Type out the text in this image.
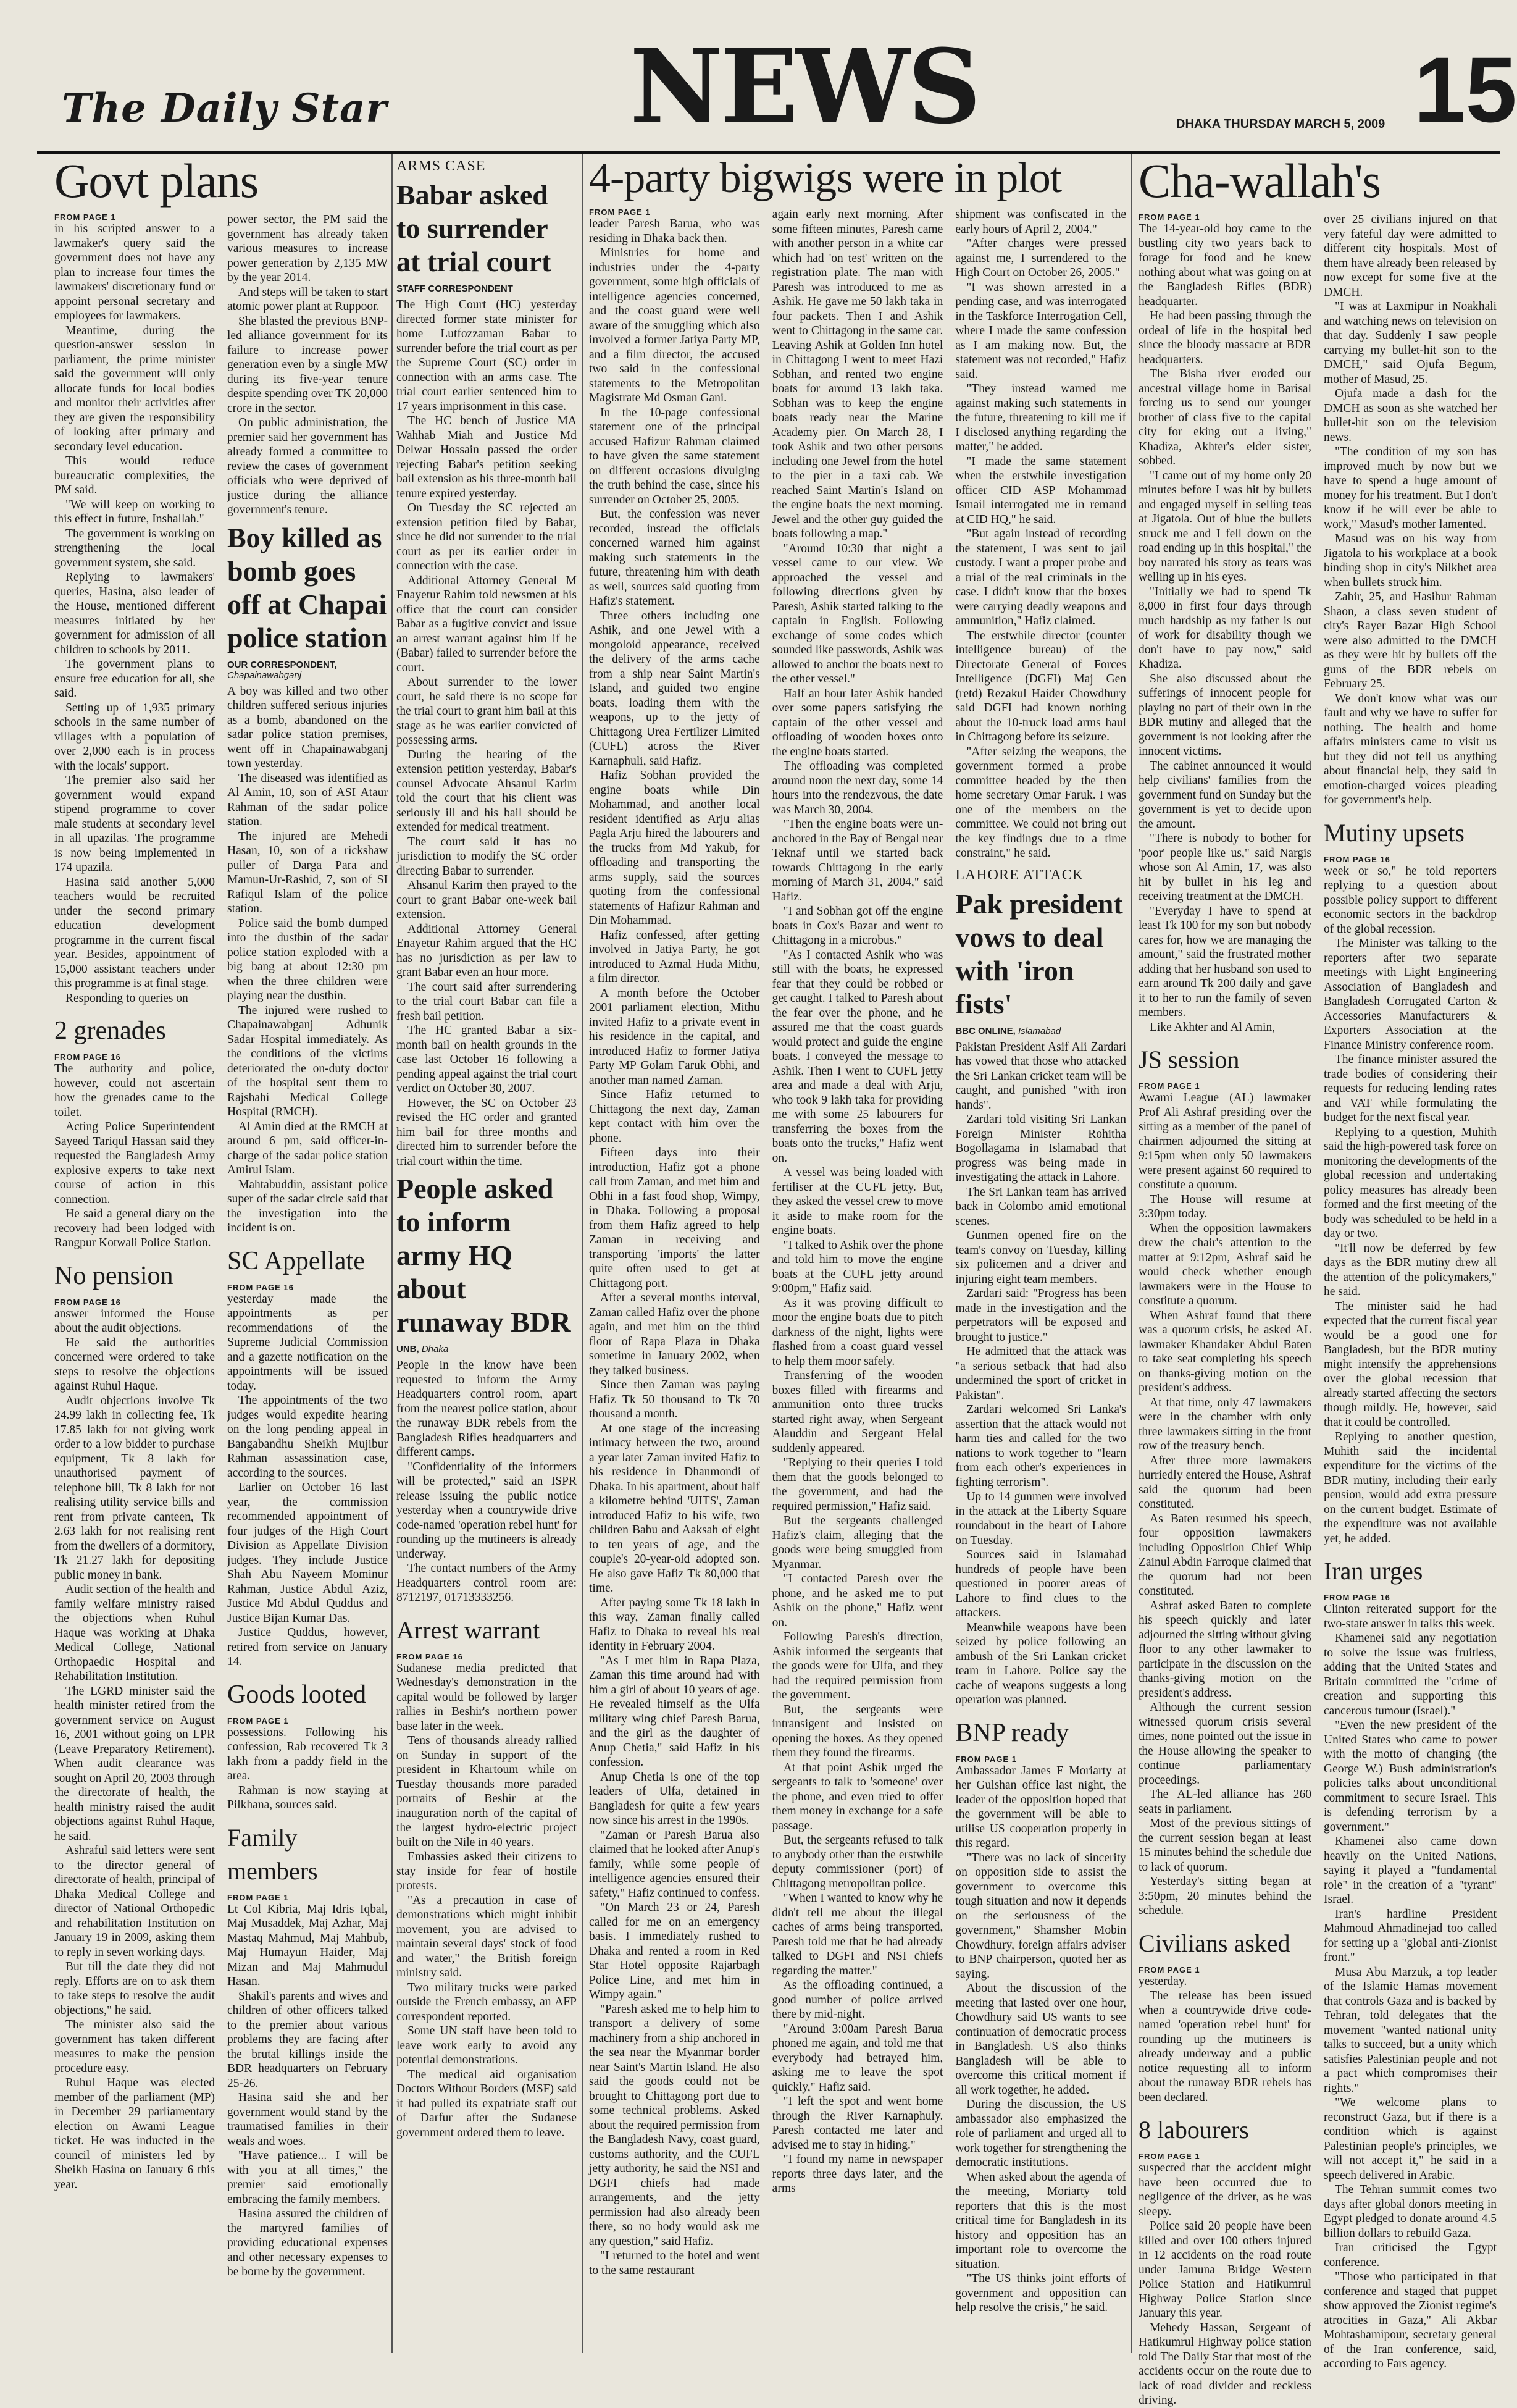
The Daily Star NEWS	DHAKA THURSDAY MARCH 5, 2009 15
Govt plans
FROM PAGE 1

in his scripted answer to a lawmaker's query said the government does not have any plan to increase four times the lawmakers' discretionary fund or appoint personal secretary and employees for lawmakers.

Meantime, during the question-answer session in parliament, the prime minister said the government will only allocate funds for local bodies and monitor their activities after they are given the responsibility of looking after primary and secondary level education.

This would reduce bureaucratic complexities, the PM said.

"We will keep on working to this effect in future, Inshallah."

The government is working on strengthening the local government system, she said.

Replying to lawmakers' queries, Hasina, also leader of the House, mentioned different measures initiated by her government for admission of all children to schools by 2011.

The government plans to ensure free education for all, she said.

Setting up of 1,935 primary schools in the same number of villages with a population of over 2,000 each is in process with the locals' support.

The premier also said her government would expand stipend programme to cover male students at secondary level in all upazilas. The programme is now being implemented in 174 upazila.

Hasina said another 5,000 teachers would be recruited under the second primary education development programme in the current fiscal year. Besides, appointment of 15,000 assistant teachers under this programme is at final stage.

Responding to queries on

2 grenades
FROM PAGE 16

The authority and police, however, could not ascertain how the grenades came to the toilet.

Acting Police Superintendent Sayeed Tariqul Hassan said they requested the Bangladesh Army explosive experts to take next course of action in this connection.

He said a general diary on the recovery had been lodged with Rangpur Kotwali Police Station.

No pension
FROM PAGE 16

answer informed the House about the audit objections.

He said the authorities concerned were ordered to take steps to resolve the objections against Ruhul Haque.

Audit objections involve Tk 24.99 lakh in collecting fee, Tk 17.85 lakh for not giving work order to a low bidder to purchase equipment, Tk 8 lakh for unauthorised payment of telephone bill, Tk 8 lakh for not realising utility service bills and rent from private canteen, Tk 2.63 lakh for not realising rent from the dwellers of a dormitory, Tk 21.27 lakh for depositing public money in bank.

Audit section of the health and family welfare ministry raised the objections when Ruhul Haque was working at Dhaka Medical College, National Orthopaedic Hospital and Rehabilitation Institution.

The LGRD minister said the health minister retired from the government service on August 16, 2001 without going on LPR (Leave Preparatory Retirement). When audit clearance was sought on April 20, 2003 through the directorate of health, the health ministry raised the audit objections against Ruhul Haque, he said.

Ashraful said letters were sent to the director general of directorate of health, principal of Dhaka Medical College and director of National Orthopedic and rehabilitation Institution on January 19 in 2009, asking them to reply in seven working days.

But till the date they did not reply. Efforts are on to ask them to take steps to resolve the audit objections," he said.

The minister also said the government has taken different measures to make the pension procedure easy.

Ruhul Haque was elected member of the parliament (MP) in December 29 parliamentary election on Awami League ticket. He was inducted in the council of ministers led by Sheikh Hasina on January 6 this year.

power sector, the PM said the government has already taken various measures to increase power generation by 2,135 MW by the year 2014.

And steps will be taken to start atomic power plant at Ruppoor.

She blasted the previous BNP-led alliance government for its failure to increase power generation even by a single MW during its five-year tenure despite spending over TK 20,000 crore in the sector.

On public administration, the premier said her government has already formed a committee to review the cases of government officials who were deprived of justice during the alliance government's tenure.

Boy killed as bomb goes off at Chapai police station
OUR CORRESPONDENT, Chapainawabganj

A boy was killed and two other children suffered serious injuries as a bomb, abandoned on the sadar police station premises, went off in Chapainawabganj town yesterday.

The diseased was identified as Al Amin, 10, son of ASI Ataur Rahman of the sadar police station.

The injured are Mehedi Hasan, 10, son of a rickshaw puller of Darga Para and Mamun-Ur-Rashid, 7, son of SI Rafiqul Islam of the police station.

Police said the bomb dumped into the dustbin of the sadar police station exploded with a big bang at about 12:30 pm when the three children were playing near the dustbin.

The injured were rushed to Chapainawabganj Adhunik Sadar Hospital immediately. As the conditions of the victims deteriorated the on-duty doctor of the hospital sent them to Rajshahi Medical College Hospital (RMCH).

Al Amin died at the RMCH at around 6 pm, said officer-in-charge of the sadar police station Amirul Islam.

Mahtabuddin, assistant police super of the sadar circle said that the investigation into the incident is on.

SC Appellate
FROM PAGE 16

yesterday made the appointments as per recommendations of the Supreme Judicial Commission and a gazette notification on the appointments will be issued today.

The appointments of the two judges would expedite hearing on the long pending appeal in Bangabandhu Sheikh Mujibur Rahman assassination case, according to the sources.

Earlier on October 16 last year, the commission recommended appointment of four judges of the High Court Division as Appellate Division judges. They include Justice Shah Abu Nayeem Mominur Rahman, Justice Abdul Aziz, Justice Md Abdul Quddus and Justice Bijan Kumar Das.

Justice Quddus, however, retired from service on January 14.

Goods looted
FROM PAGE 1

possessions. Following his confession, Rab recovered Tk 3 lakh from a paddy field in the area.

Rahman is now staying at Pilkhana, sources said.

Family members
FROM PAGE 1

Lt Col Kibria, Maj Idris Iqbal, Maj Musaddek, Maj Azhar, Maj Mastaq Mahmud, Maj Mahbub, Maj Humayun Haider, Maj Mizan and Maj Mahmudul Hasan.

Shakil's parents and wives and children of other officers talked to the premier about various problems they are facing after the brutal killings inside the BDR headquarters on February 25-26.

Hasina said she and her government would stand by the traumatised families in their weals and woes.

"Have patience... I will be with you at all times," the premier said emotionally embracing the family members.

Hasina assured the children of the martyred families of providing educational expenses and other necessary expenses to be borne by the government.

ARMS CASE
Babar asked to surrender at trial court
STAFF CORRESPONDENT

The High Court (HC) yesterday directed former state minister for home Lutfozzaman Babar to surrender before the trial court as per the Supreme Court (SC) order in connection with an arms case. The trial court earlier sentenced him to 17 years imprisonment in this case.

The HC bench of Justice MA Wahhab Miah and Justice Md Delwar Hossain passed the order rejecting Babar's petition seeking bail extension as his three-month bail tenure expired yesterday.

On Tuesday the SC rejected an extension petition filed by Babar, since he did not surrender to the trial court as per its earlier order in connection with the case.

Additional Attorney General M Enayetur Rahim told newsmen at his office that the court can consider Babar as a fugitive convict and issue an arrest warrant against him if he (Babar) failed to surrender before the court.

About surrender to the lower court, he said there is no scope for the trial court to grant him bail at this stage as he was earlier convicted of possessing arms.

During the hearing of the extension petition yesterday, Babar's counsel Advocate Ahsanul Karim told the court that his client was seriously ill and his bail should be extended for medical treatment.

The court said it has no jurisdiction to modify the SC order directing Babar to surrender.

Ahsanul Karim then prayed to the court to grant Babar one-week bail extension.

Additional Attorney General Enayetur Rahim argued that the HC has no jurisdiction as per law to grant Babar even an hour more.

The court said after surrendering to the trial court Babar can file a fresh bail petition.

The HC granted Babar a six-month bail on health grounds in the case last October 16 following a pending appeal against the trial court verdict on October 30, 2007.

However, the SC on October 23 revised the HC order and granted him bail for three months and directed him to surrender before the trial court within the time.

People asked to inform army HQ about runaway BDR
UNB, Dhaka

People in the know have been requested to inform the Army Headquarters control room, apart from the nearest police station, about the runaway BDR rebels from the Bangladesh Rifles headquarters and different camps.

"Confidentiality of the informers will be protected," said an ISPR release issuing the public notice yesterday when a countrywide drive code-named 'operation rebel hunt' for rounding up the mutineers is already underway.

The contact numbers of the Army Headquarters control room are: 8712197, 01713333256.

Arrest warrant
FROM PAGE 16

Sudanese media predicted that Wednesday's demonstration in the capital would be followed by larger rallies in Beshir's northern power base later in the week.

Tens of thousands already rallied on Sunday in support of the president in Khartoum while on Tuesday thousands more paraded portraits of Beshir at the inauguration north of the capital of the largest hydro-electric project built on the Nile in 40 years.

Embassies asked their citizens to stay inside for fear of hostile protests.

"As a precaution in case of demonstrations which might inhibit movement, you are advised to maintain several days' stock of food and water," the British foreign ministry said.

Two military trucks were parked outside the French embassy, an AFP correspondent reported.

Some UN staff have been told to leave work early to avoid any potential demonstrations.

The medical aid organisation Doctors Without Borders (MSF) said it had pulled its expatriate staff out of Darfur after the Sudanese government ordered them to leave.

4-party bigwigs were in plot
FROM PAGE 1

leader Paresh Barua, who was residing in Dhaka back then.

Ministries for home and industries under the 4-party government, some high officials of intelligence agencies concerned, and the coast guard were well aware of the smuggling which also involved a former Jatiya Party MP, and a film director, the accused two said in the confessional statements to the Metropolitan Magistrate Md Osman Gani.

In the 10-page confessional statement one of the principal accused Hafizur Rahman claimed to have given the same statement on different occasions divulging the truth behind the case, since his surrender on October 25, 2005.

But, the confession was never recorded, instead the officials concerned warned him against making such statements in the future, threatening him with death as well, sources said quoting from Hafiz's statement.

Three others including one Ashik, and one Jewel with a mongoloid appearance, received the delivery of the arms cache from a ship near Saint Martin's Island, and guided two engine boats, loading them with the weapons, up to the jetty of Chittagong Urea Fertilizer Limited (CUFL) across the River Karnaphuli, said Hafiz.

Hafiz Sobhan provided the engine boats while Din Mohammad, and another local resident identified as Arju alias Pagla Arju hired the labourers and the trucks from Md Yakub, for offloading and transporting the arms supply, said the sources quoting from the confessional statements of Hafizur Rahman and Din Mohammad.

Hafiz confessed, after getting involved in Jatiya Party, he got introduced to Azmal Huda Mithu, a film director.

A month before the October 2001 parliament election, Mithu invited Hafiz to a private event in his residence in the capital, and introduced Hafiz to former Jatiya Party MP Golam Faruk Obhi, and another man named Zaman.

Since Hafiz returned to Chittagong the next day, Zaman kept contact with him over the phone.

Fifteen days into their introduction, Hafiz got a phone call from Zaman, and met him and Obhi in a fast food shop, Wimpy, in Dhaka. Following a proposal from them Hafiz agreed to help Zaman in receiving and transporting 'imports' the latter quite often used to get at Chittagong port.

After a several months interval, Zaman called Hafiz over the phone again, and met him on the third floor of Rapa Plaza in Dhaka sometime in January 2002, when they talked business.

Since then Zaman was paying Hafiz Tk 50 thousand to Tk 70 thousand a month.

At one stage of the increasing intimacy between the two, around a year later Zaman invited Hafiz to his residence in Dhanmondi of Dhaka. In his apartment, about half a kilometre behind 'UITS', Zaman introduced Hafiz to his wife, two children Babu and Aaksah of eight to ten years of age, and the couple's 20-year-old adopted son. He also gave Hafiz Tk 80,000 that time.

After paying some Tk 18 lakh in this way, Zaman finally called Hafiz to Dhaka to reveal his real identity in February 2004.

"As I met him in Rapa Plaza, Zaman this time around had with him a girl of about 10 years of age. He revealed himself as the Ulfa military wing chief Paresh Barua, and the girl as the daughter of Anup Chetia," said Hafiz in his confession.

Anup Chetia is one of the top leaders of Ulfa, detained in Bangladesh for quite a few years now since his arrest in the 1990s.

"Zaman or Paresh Barua also claimed that he looked after Anup's family, while some people of intelligence agencies ensured their safety," Hafiz continued to confess.

"On March 23 or 24, Paresh called for me on an emergency basis. I immediately rushed to Dhaka and rented a room in Red Star Hotel opposite Rajarbagh Police Line, and met him in Wimpy again."

"Paresh asked me to help him to transport a delivery of some machinery from a ship anchored in the sea near the Myanmar border near Saint's Martin Island. He also said the goods could not be brought to Chittagong port due to some technical problems. Asked about the required permission from the Bangladesh Navy, coast guard, customs authority, and the CUFL jetty authority, he said the NSI and DGFI chiefs had made arrangements, and the jetty permission had also already been there, so no body would ask me any question," said Hafiz.

"I returned to the hotel and went to the same restaurant

again early next morning. After some fifteen minutes, Paresh came with another person in a white car which had 'on test' written on the registration plate. The man with Paresh was introduced to me as Ashik. He gave me 50 lakh taka in four packets. Then I and Ashik went to Chittagong in the same car. Leaving Ashik at Golden Inn hotel in Chittagong I went to meet Hazi Sobhan, and rented two engine boats for around 13 lakh taka. Sobhan was to keep the engine boats ready near the Marine Academy pier. On March 28, I took Ashik and two other persons including one Jewel from the hotel to the pier in a taxi cab. We reached Saint Martin's Island on the engine boats the next morning. Jewel and the other guy guided the boats following a map."

"Around 10:30 that night a vessel came to our view. We approached the vessel and following directions given by Paresh, Ashik started talking to the captain in English. Following exchange of some codes which sounded like passwords, Ashik was allowed to anchor the boats next to the other vessel."

Half an hour later Ashik handed over some papers satisfying the captain of the other vessel and offloading of wooden boxes onto the engine boats started.

The offloading was completed around noon the next day, some 14 hours into the rendezvous, the date was March 30, 2004.

"Then the engine boats were un-anchored in the Bay of Bengal near Teknaf until we started back towards Chittagong in the early morning of March 31, 2004," said Hafiz.

"I and Sobhan got off the engine boats in Cox's Bazar and went to Chittagong in a microbus."

"As I contacted Ashik who was still with the boats, he expressed fear that they could be robbed or get caught. I talked to Paresh about the fear over the phone, and he assured me that the coast guards would protect and guide the engine boats. I conveyed the message to Ashik. Then I went to CUFL jetty area and made a deal with Arju, who took 9 lakh taka for providing me with some 25 labourers for transferring the boxes from the boats onto the trucks," Hafiz went on.

A vessel was being loaded with fertiliser at the CUFL jetty. But, they asked the vessel crew to move it aside to make room for the engine boats.

"I talked to Ashik over the phone and told him to move the engine boats at the CUFL jetty around 9:00pm," Hafiz said.

As it was proving difficult to moor the engine boats due to pitch darkness of the night, lights were flashed from a coast guard vessel to help them moor safely.

Transferring of the wooden boxes filled with firearms and ammunition onto three trucks started right away, when Sergeant Alauddin and Sergeant Helal suddenly appeared.

"Replying to their queries I told them that the goods belonged to the government, and had the required permission," Hafiz said.

But the sergeants challenged Hafiz's claim, alleging that the goods were being smuggled from Myanmar.

"I contacted Paresh over the phone, and he asked me to put Ashik on the phone," Hafiz went on.

Following Paresh's direction, Ashik informed the sergeants that the goods were for Ulfa, and they had the required permission from the government.

But, the sergeants were intransigent and insisted on opening the boxes. As they opened them they found the firearms.

At that point Ashik urged the sergeants to talk to 'someone' over the phone, and even tried to offer them money in exchange for a safe passage.

But, the sergeants refused to talk to anybody other than the erstwhile deputy commissioner (port) of Chittagong metropolitan police.

"When I wanted to know why he didn't tell me about the illegal caches of arms being transported, Paresh told me that he had already talked to DGFI and NSI chiefs regarding the matter."

As the offloading continued, a good number of police arrived there by mid-night.

"Around 3:00am Paresh Barua phoned me again, and told me that everybody had betrayed him, asking me to leave the spot quickly," Hafiz said.

"I left the spot and went home through the River Karnaphuly. Paresh contacted me later and advised me to stay in hiding."

"I found my name in newspaper reports three days later, and the arms

shipment was confiscated in the early hours of April 2, 2004."

"After charges were pressed against me, I surrendered to the High Court on October 26, 2005."

"I was shown arrested in a pending case, and was interrogated in the Taskforce Interrogation Cell, where I made the same confession as I am making now. But, the statement was not recorded," Hafiz said.

"They instead warned me against making such statements in the future, threatening to kill me if I disclosed anything regarding the matter," he added.

"I made the same statement when the erstwhile investigation officer CID ASP Mohammad Ismail interrogated me in remand at CID HQ," he said.

"But again instead of recording the statement, I was sent to jail custody. I want a proper probe and a trial of the real criminals in the case. I didn't know that the boxes were carrying deadly weapons and ammunition," Hafiz claimed.

The erstwhile director (counter intelligence bureau) of the Directorate General of Forces Intelligence (DGFI) Maj Gen (retd) Rezakul Haider Chowdhury said DGFI had known nothing about the 10-truck load arms haul in Chittagong before its seizure.

"After seizing the weapons, the government formed a probe committee headed by the then home secretary Omar Faruk. I was one of the members on the committee. We could not bring out the key findings due to a time constraint," he said.

LAHORE ATTACK
Pak president vows to deal with 'iron fists'
BBC ONLINE, Islamabad

Pakistan President Asif Ali Zardari has vowed that those who attacked the Sri Lankan cricket team will be caught, and punished "with iron hands".

Zardari told visiting Sri Lankan Foreign Minister Rohitha Bogollagama in Islamabad that progress was being made in investigating the attack in Lahore.

The Sri Lankan team has arrived back in Colombo amid emotional scenes.

Gunmen opened fire on the team's convoy on Tuesday, killing six policemen and a driver and injuring eight team members.

Zardari said: "Progress has been made in the investigation and the perpetrators will be exposed and brought to justice."

He admitted that the attack was "a serious setback that had also undermined the sport of cricket in Pakistan".

Zardari welcomed Sri Lanka's assertion that the attack would not harm ties and called for the two nations to work together to "learn from each other's experiences in fighting terrorism".

Up to 14 gunmen were involved in the attack at the Liberty Square roundabout in the heart of Lahore on Tuesday.

Sources said in Islamabad hundreds of people have been questioned in poorer areas of Lahore to find clues to the attackers.

Meanwhile weapons have been seized by police following an ambush of the Sri Lankan cricket team in Lahore. Police say the cache of weapons suggests a long operation was planned.

BNP ready
FROM PAGE 1

Ambassador James F Moriarty at her Gulshan office last night, the leader of the opposition hoped that the government will be able to utilise US cooperation properly in this regard.

"There was no lack of sincerity on opposition side to assist the government to overcome this tough situation and now it depends on the seriousness of the government," Shamsher Mobin Chowdhury, foreign affairs adviser to BNP chairperson, quoted her as saying.

About the discussion of the meeting that lasted over one hour, Chowdhury said US wants to see continuation of democratic process in Bangladesh. US also thinks Bangladesh will be able to overcome this critical moment if all work together, he added.

During the discussion, the US ambassador also emphasized the role of parliament and urged all to work together for strengthening the democratic institutions.

When asked about the agenda of the meeting, Moriarty told reporters that this is the most critical time for Bangladesh in its history and opposition has an important role to overcome the situation.

"The US thinks joint efforts of government and opposition can help resolve the crisis," he said.

Cha-wallah's
FROM PAGE 1

The 14-year-old boy came to the bustling city two years back to forage for food and he knew nothing about what was going on at the Bangladesh Rifles (BDR) headquarter.

He had been passing through the ordeal of life in the hospital bed since the bloody massacre at BDR headquarters.

The Bisha river eroded our ancestral village home in Barisal forcing us to send our younger brother of class five to the capital city for eking out a living," Khadiza, Akhter's elder sister, sobbed.

"I came out of my home only 20 minutes before I was hit by bullets and engaged myself in selling teas at Jigatola. Out of blue the bullets struck me and I fell down on the road ending up in this hospital," the boy narrated his story as tears was welling up in his eyes.

"Initially we had to spend Tk 8,000 in first four days through much hardship as my father is out of work for disability though we don't have to pay now," said Khadiza.

She also discussed about the sufferings of innocent people for playing no part of their own in the BDR mutiny and alleged that the government is not looking after the innocent victims.

The cabinet announced it would help civilians' families from the government fund on Sunday but the government is yet to decide upon the amount.

"There is nobody to bother for 'poor' people like us," said Nargis whose son Al Amin, 17, was also hit by bullet in his leg and receiving treatment at the DMCH.

"Everyday I have to spend at least Tk 100 for my son but nobody cares for, how we are managing the amount," said the frustrated mother adding that her husband son used to earn around Tk 200 daily and gave it to her to run the family of seven members.

Like Akhter and Al Amin,

JS session
FROM PAGE 1

Awami League (AL) lawmaker Prof Ali Ashraf presiding over the sitting as a member of the panel of chairmen adjourned the sitting at 9:15pm when only 50 lawmakers were present against 60 required to constitute a quorum.

The House will resume at 3:30pm today.

When the opposition lawmakers drew the chair's attention to the matter at 9:12pm, Ashraf said he would check whether enough lawmakers were in the House to constitute a quorum.

When Ashraf found that there was a quorum crisis, he asked AL lawmaker Khandaker Abdul Baten to take seat completing his speech on thanks-giving motion on the president's address.

At that time, only 47 lawmakers were in the chamber with only three lawmakers sitting in the front row of the treasury bench.

After three more lawmakers hurriedly entered the House, Ashraf said the quorum had been constituted.

As Baten resumed his speech, four opposition lawmakers including Opposition Chief Whip Zainul Abdin Farroque claimed that the quorum had not been constituted.

Ashraf asked Baten to complete his speech quickly and later adjourned the sitting without giving floor to any other lawmaker to participate in the discussion on the thanks-giving motion on the president's address.

Although the current session witnessed quorum crisis several times, none pointed out the issue in the House allowing the speaker to continue parliamentary proceedings.

The AL-led alliance has 260 seats in parliament.

Most of the previous sittings of the current session began at least 15 minutes behind the schedule due to lack of quorum.

Yesterday's sitting began at 3:50pm, 20 minutes behind the schedule.

Civilians asked
FROM PAGE 1

yesterday.

The release has been issued when a countrywide drive code-named 'operation rebel hunt' for rounding up the mutineers is already underway and a public notice requesting all to inform about the runaway BDR rebels has been declared.

8 labourers
FROM PAGE 1

suspected that the accident might have been occurred due to negligence of the driver, as he was sleepy.

Police said 20 people have been killed and over 100 others injured in 12 accidents on the road route under Jamuna Bridge Western Police Station and Hatikumrul Highway Police Station since January this year.

Mehedy Hassan, Sergeant of Hatikumrul Highway police station told The Daily Star that most of the accidents occur on the route due to lack of road divider and reckless driving.

over 25 civilians injured on that very fateful day were admitted to different city hospitals. Most of them have already been released by now except for some five at the DMCH.

"I was at Laxmipur in Noakhali and watching news on television on that day. Suddenly I saw people carrying my bullet-hit son to the DMCH," said Ojufa Begum, mother of Masud, 25.

Ojufa made a dash for the DMCH as soon as she watched her bullet-hit son on the television news.

"The condition of my son has improved much by now but we have to spend a huge amount of money for his treatment. But I don't know if he will ever be able to work," Masud's mother lamented.

Masud was on his way from Jigatola to his workplace at a book binding shop in city's Nilkhet area when bullets struck him.

Zahir, 25, and Hasibur Rahman Shaon, a class seven student of city's Rayer Bazar High School were also admitted to the DMCH as they were hit by bullets off the guns of the BDR rebels on February 25.

We don't know what was our fault and why we have to suffer for nothing. The health and home affairs ministers came to visit us but they did not tell us anything about financial help, they said in emotion-charged voices pleading for government's help.

Mutiny upsets
FROM PAGE 16

week or so," he told reporters replying to a question about possible policy support to different economic sectors in the backdrop of the global recession.

The Minister was talking to the reporters after two separate meetings with Light Engineering Association of Bangladesh and Bangladesh Corrugated Carton & Accessories Manufacturers & Exporters Association at the Finance Ministry conference room.

The finance minister assured the trade bodies of considering their requests for reducing lending rates and VAT while formulating the budget for the next fiscal year.

Replying to a question, Muhith said the high-powered task force on monitoring the developments of the global recession and undertaking policy measures has already been formed and the first meeting of the body was scheduled to be held in a day or two.

"It'll now be deferred by few days as the BDR mutiny drew all the attention of the policymakers," he said.

The minister said he had expected that the current fiscal year would be a good one for Bangladesh, but the BDR mutiny might intensify the apprehensions over the global recession that already started affecting the sectors though mildly. He, however, said that it could be controlled.

Replying to another question, Muhith said the incidental expenditure for the victims of the BDR mutiny, including their early pension, would add extra pressure on the current budget. Estimate of the expenditure was not available yet, he added.

Iran urges
FROM PAGE 16

Clinton reiterated support for the two-state answer in talks this week.

Khamenei said any negotiation to solve the issue was fruitless, adding that the United States and Britain committed the "crime of creation and supporting this cancerous tumour (Israel)."

"Even the new president of the United States who came to power with the motto of changing (the George W.) Bush administration's policies talks about unconditional commitment to secure Israel. This is defending terrorism by a government."

Khamenei also came down heavily on the United Nations, saying it played a "fundamental role" in the creation of a "tyrant" Israel.

Iran's hardline President Mahmoud Ahmadinejad too called for setting up a "global anti-Zionist front."

Musa Abu Marzuk, a top leader of the Islamic Hamas movement that controls Gaza and is backed by Tehran, told delegates that the movement "wanted national unity talks to succeed, but a unity which satisfies Palestinian people and not a pact which compromises their rights."

"We welcome plans to reconstruct Gaza, but if there is a condition which is against Palestinian people's principles, we will not accept it," he said in a speech delivered in Arabic.

The Tehran summit comes two days after global donors meeting in Egypt pledged to donate around 4.5 billion dollars to rebuild Gaza.

Iran criticised the Egypt conference.

"Those who participated in that conference and staged that puppet show approved the Zionist regime's atrocities in Gaza," Ali Akbar Mohtashamipour, secretary general of the Iran conference, said, according to Fars agency.
